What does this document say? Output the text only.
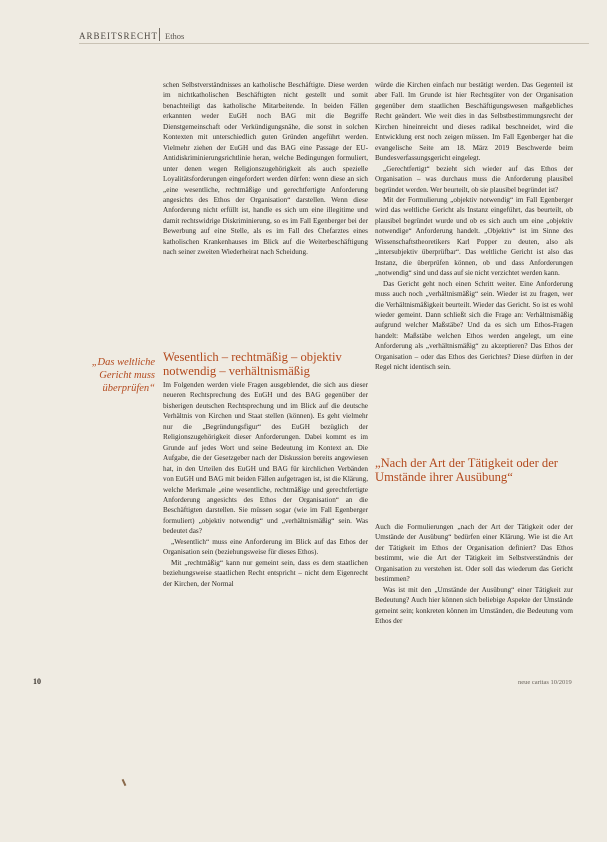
ARBEITSRECHT Ethos

schen Selbstverständnisses an katholische Beschäftigte. Diese werden im nichtkatholischen Beschäftigten nicht gestellt und somit benachteiligt das katholische Mitarbeitende. In beiden Fällen erkannten weder EuGH noch BAG mit die Begriffe Dienstgemeinschaft oder Verkündigungsnähe, die sonst in solchen Kontexten mit unterschiedlich guten Gründen angeführt werden. Vielmehr ziehen der EuGH und das BAG eine Passage der EU-Antidiskriminierungsrichtlinie heran, welche Bedingungen formuliert, unter denen wegen Religionszugehörigkeit als auch spezielle Loyalitätsforderungen eingefordert werden dürfen: wenn diese an sich „eine wesentliche, rechtmäßige und gerechtfertigte Anforderung angesichts des Ethos der Organisation“ darstellen. Wenn diese Anforderung nicht erfüllt ist, handle es sich um eine illegitime und damit rechtswidrige Diskriminierung, so es im Fall Egenberger bei der Bewerbung auf eine Stelle, als es im Fall des Chefarztes eines katholischen Krankenhauses im Blick auf die Weiterbeschäftigung nach seiner zweiten Wiederheirat nach Scheidung.

„Das weltliche Gericht muss überprüfen“
Wesentlich – rechtmäßig – objektiv notwendig – verhältnismäßig

Im Folgenden werden viele Fragen ausgeblendet, die sich aus dieser neueren Rechtsprechung des EuGH und des BAG gegenüber der bisherigen deutschen Rechtsprechung und im Blick auf die deutsche Verhältnis von Kirchen und Staat stellen (können). Es geht vielmehr nur die „Begründungsfigur“ des EuGH bezüglich der Religionszugehörigkeit dieser Anforderungen. Dabei kommt es im Grunde auf jedes Wort und seine Bedeutung im Kontext an. Die Aufgabe, die der Gesetzgeber nach der Diskussion bereits angewiesen hat, in den Urteilen des EuGH und BAG für kirchlichen Verbänden von EuGH und BAG mit beiden Fällen aufgetragen ist, ist die Klärung, welche Merkmale „eine wesentliche, rechtmäßige und gerechtfertigte Anforderung angesichts des Ethos der Organisation“ an die Beschäftigten darstellen. Sie müssen sogar (wie im Fall Egenberger formuliert) „objektiv notwendig“ und „verhältnismäßig“ sein. Was bedeutet das?

„Wesentlich“ muss eine Anforderung im Blick auf das Ethos der Organisation sein (beziehungsweise für dieses Ethos).

Mit „rechtmäßig“ kann nur gemeint sein, dass es dem staatlichen beziehungsweise staatlichen Recht entspricht – nicht dem Eigenrecht der Kirchen, der Normal

würde die Kirchen einfach nur bestätigt werden. Das Gegenteil ist aber Fall. Im Grunde ist hier Rechtsgüter von der Organisation gegenüber dem staatlichen Beschäftigungswesen maßgebliches Recht geändert. Wie weit dies in das Selbstbestimmungsrecht der Kirchen hineinreicht und dieses radikal beschneidet, wird die Entwicklung erst noch zeigen müssen. Im Fall Egenberger hat die evangelische Seite am 18. März 2019 Beschwerde beim Bundesverfassungsgericht eingelegt.

„Gerechtfertigt“ bezieht sich wieder auf das Ethos der Organisation – was durchaus muss die Anforderung plausibel begründet werden. Wer beurteilt, ob sie plausibel begründet ist?

Mit der Formulierung „objektiv notwendig“ im Fall Egenberger wird das weltliche Gericht als Instanz eingeführt, das beurteilt, ob plausibel begründet wurde und ob es sich auch um eine „objektiv notwendige“ Anforderung handelt. „Objektiv“ ist im Sinne des Wissenschaftstheoretikers Karl Popper zu deuten, also als „intersubjektiv überprüfbar“. Das weltliche Gericht ist also das Instanz, die überprüfen können, ob und dass Anforderungen „notwendig“ sind und dass auf sie nicht verzichtet werden kann.

Das Gericht geht noch einen Schritt weiter. Eine Anforderung muss auch noch „verhältnismäßig“ sein. Wieder ist zu fragen, wer die Verhältnismäßigkeit beurteilt. Wieder das Gericht. So ist es wohl wieder gemeint. Dann schließt sich die Frage an: Verhältnismäßig aufgrund welcher Maßstäbe? Und da es sich um Ethos-Fragen handelt: Maßstäbe welchen Ethos werden angelegt, um eine Anforderung als „verhältnismäßig“ zu akzeptieren? Das Ethos der Organisation – oder das Ethos des Gerichtes? Diese dürften in der Regel nicht identisch sein.

„Nach der Art der Tätigkeit oder der Umstände ihrer Ausübung“

Auch die Formulierungen „nach der Art der Tätigkeit oder der Umstände der Ausübung“ bedürfen einer Klärung. Wie ist die Art der Tätigkeit im Ethos der Organisation definiert? Das Ethos bestimmt, wie die Art der Tätigkeit im Selbstverständnis der Organisation zu verstehen ist. Oder soll das wiederum das Gericht bestimmen?

Was ist mit den „Umstände der Ausübung“ einer Tätigkeit zur Bedeutung? Auch hier können sich beliebige Aspekte der Umstände gemeint sein; konkreten können im Umständen, die Bedeutung vom Ethos der

10	neue caritas 10/2019
